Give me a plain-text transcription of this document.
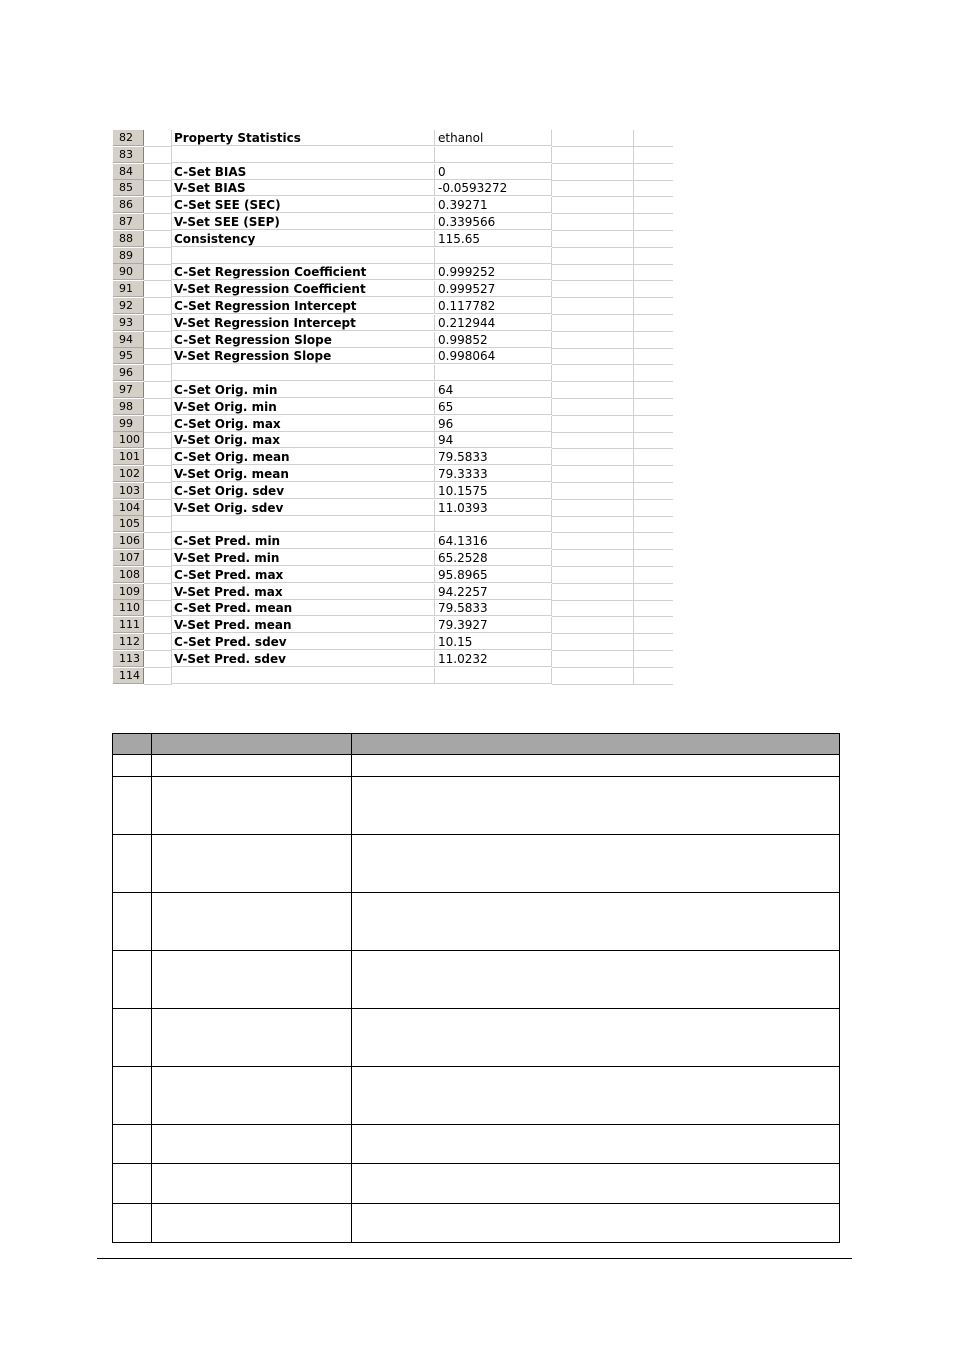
82	Property Statistics	ethanol
83
84	C-Set BIAS	0
85	V-Set BIAS	-0.0593272
86	C-Set SEE (SEC)	0.39271
87	V-Set SEE (SEP)	0.339566
88	Consistency	115.65
89
90	C-Set Regression Coefficient	0.999252
91	V-Set Regression Coefficient	0.999527
92	C-Set Regression Intercept	0.117782
93	V-Set Regression Intercept	0.212944
94	C-Set Regression Slope	0.99852
95	V-Set Regression Slope	0.998064
96
97	C-Set Orig. min	64
98	V-Set Orig. min	65
99	C-Set Orig. max	96
100	V-Set Orig. max	94
101	C-Set Orig. mean	79.5833
102	V-Set Orig. mean	79.3333
103	C-Set Orig. sdev	10.1575
104	V-Set Orig. sdev	11.0393
105
106	C-Set Pred. min	64.1316
107	V-Set Pred. min	65.2528
108	C-Set Pred. max	95.8965
109	V-Set Pred. max	94.2257
110	C-Set Pred. mean	79.5833
111	V-Set Pred. mean	79.3927
112	C-Set Pred. sdev	10.15
113	V-Set Pred. sdev	11.0232
114
